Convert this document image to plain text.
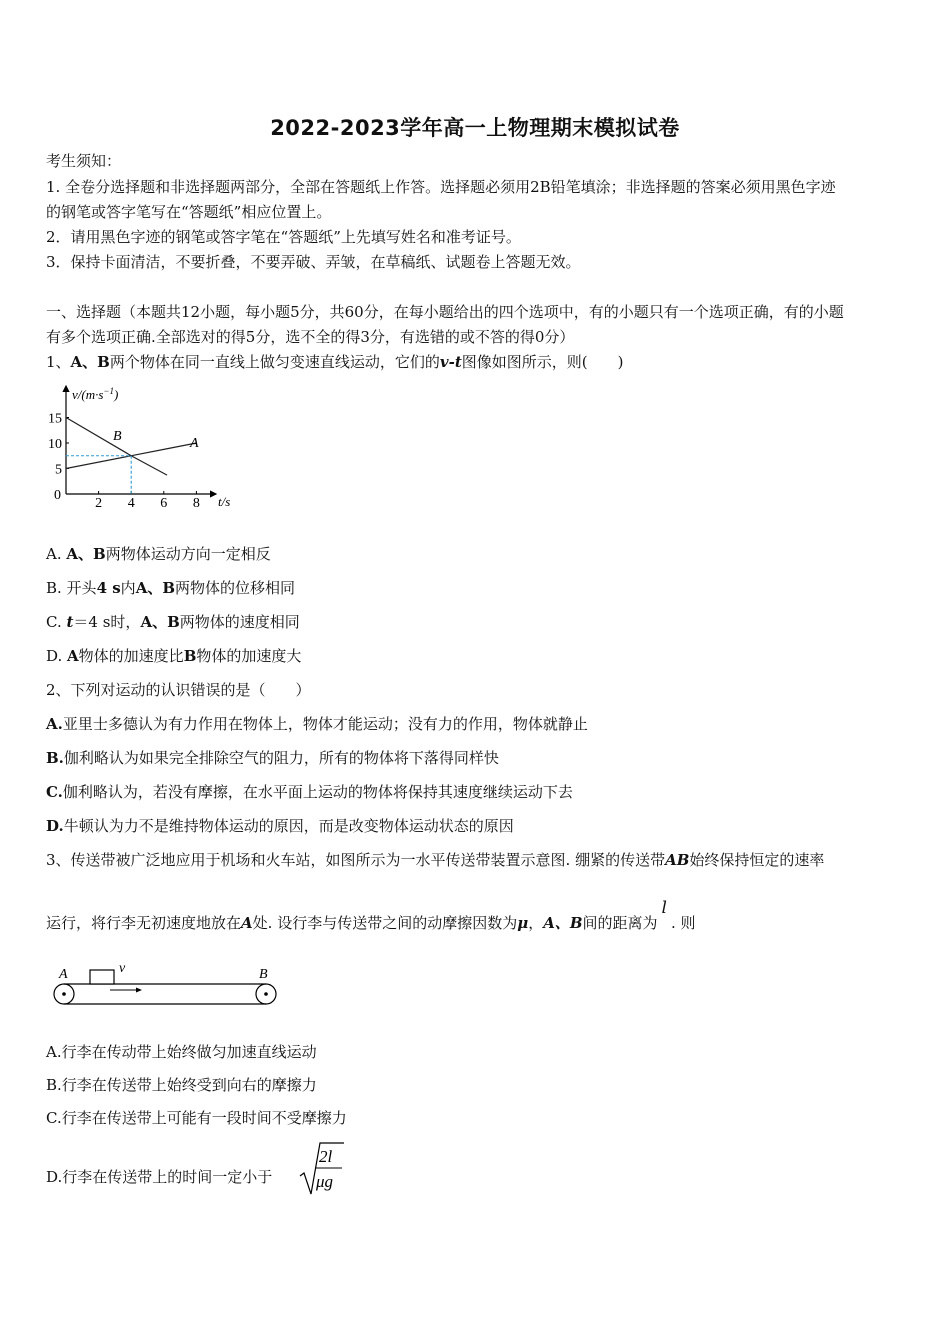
2022-2023学年高一上物理期末模拟试卷
考生须知：
1. 全卷分选择题和非选择题两部分，全部在答题纸上作答。选择题必须用2B铅笔填涂；非选择题的答案必须用黑色字迹
的钢笔或答字笔写在“答题纸”相应位置上。
2．请用黑色字迹的钢笔或答字笔在“答题纸”上先填写姓名和准考证号。
3．保持卡面清洁，不要折叠，不要弄破、弄皱，在草稿纸、试题卷上答题无效。
一、选择题（本题共12小题，每小题5分，共60分，在每小题给出的四个选项中，有的小题只有一个选项正确，有的小题
有多个选项正确.全部选对的得5分，选不全的得3分，有选错的或不答的得0分）
1、A、B两个物体在同一直线上做匀变速直线运动，它们的v-t图像如图所示，则(　　)
$v/(m\cdot s^{-1})$
t/s
0
5
10
15
2 4 6 8
A
B
A. A、B两物体运动方向一定相反
B. 开头4 s内A、B两物体的位移相同
C. t＝4 s时，A、B两物体的速度相同
D. A物体的加速度比B物体的加速度大
2、下列对运动的认识错误的是（　　）
A.亚里士多德认为有力作用在物体上，物体才能运动；没有力的作用，物体就静止
B.伽利略认为如果完全排除空气的阻力，所有的物体将下落得同样快
C.伽利略认为，若没有摩擦，在水平面上运动的物体将保持其速度继续运动下去
D.牛顿认为力不是维持物体运动的原因，而是改变物体运动状态的原因
3、传送带被广泛地应用于机场和火车站，如图所示为一水平传送带装置示意图. 绷紧的传送带AB始终保持恒定的速率
运行，将行李无初速度地放在A处. 设行李与传送带之间的动摩擦因数为μ，A、B间的距离为l. 则
A	v	B
A.行李在传动带上始终做匀加速直线运动
B.行李在传送带上始终受到向右的摩擦力
C.行李在传送带上可能有一段时间不受摩擦力
D.行李在传送带上的时间一定小于
2l
μg
